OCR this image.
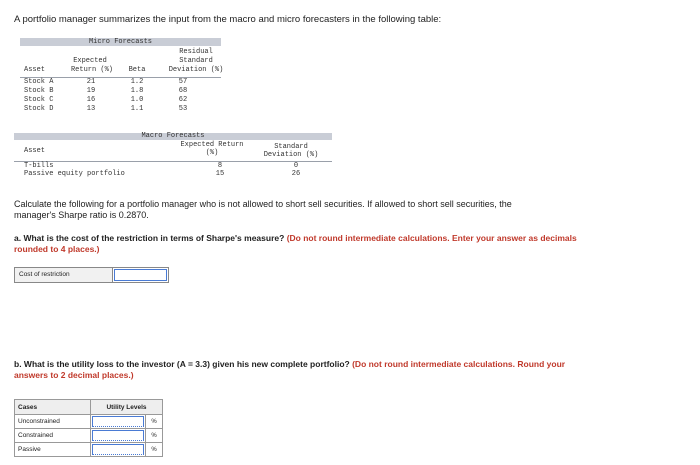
A portfolio manager summarizes the input from the macro and micro forecasters in the following table:
Micro Forecasts
Residual
Expected	Standard
Asset	Return (%)	Beta	Deviation (%)
Stock A	21	1.2	57
Stock B	19	1.8	68
Stock C	16	1.0	62
Stock D	13	1.1	53
Macro Forecasts
Expected Return	Standard
Asset	(%)	Deviation (%)
T-bills	8	0
Passive equity portfolio	15	26
Calculate the following for a portfolio manager who is not allowed to short sell securities. If allowed to short sell securities, the manager's Sharpe ratio is 0.2870.
a. What is the cost of the restriction in terms of Sharpe's measure? (Do not round intermediate calculations. Enter your answer as decimals rounded to 4 places.)
Cost of restriction
b. What is the utility loss to the investor (A = 3.3) given his new complete portfolio? (Do not round intermediate calculations. Round your answers to 2 decimal places.)
Cases	Utility Levels	
Unconstrained		%
Constrained		%
Passive		%
